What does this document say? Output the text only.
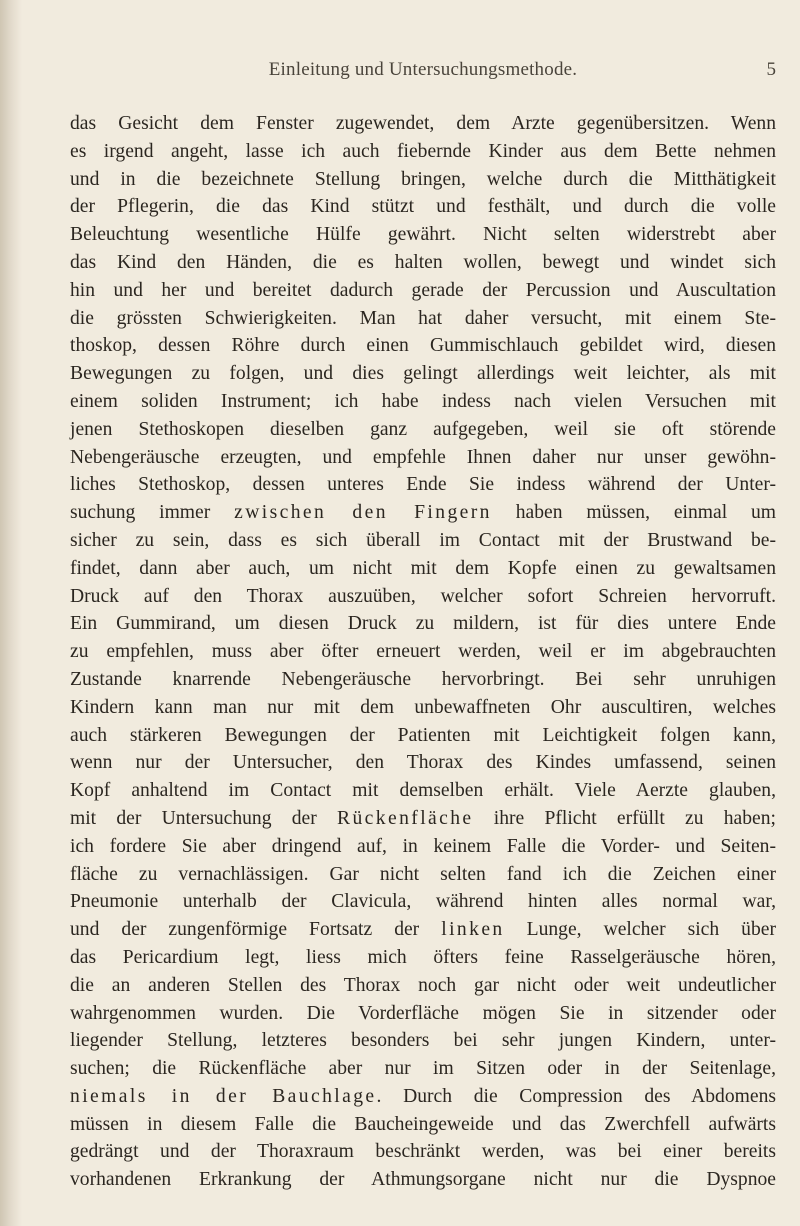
Einleitung und Untersuchungsmethode.	5
das Gesicht dem Fenster zugewendet, dem Arzte gegenübersitzen. Wenn
es irgend angeht, lasse ich auch fiebernde Kinder aus dem Bette nehmen
und in die bezeichnete Stellung bringen, welche durch die Mitthätigkeit
der Pflegerin, die das Kind stützt und festhält, und durch die volle
Beleuchtung wesentliche Hülfe gewährt. Nicht selten widerstrebt aber
das Kind den Händen, die es halten wollen, bewegt und windet sich
hin und her und bereitet dadurch gerade der Percussion und Auscultation
die grössten Schwierigkeiten. Man hat daher versucht, mit einem Ste-
thoskop, dessen Röhre durch einen Gummischlauch gebildet wird, diesen
Bewegungen zu folgen, und dies gelingt allerdings weit leichter, als mit
einem soliden Instrument; ich habe indess nach vielen Versuchen mit
jenen Stethoskopen dieselben ganz aufgegeben, weil sie oft störende
Nebengeräusche erzeugten, und empfehle Ihnen daher nur unser gewöhn-
liches Stethoskop, dessen unteres Ende Sie indess während der Unter-
suchung immer zwischen den Fingern haben müssen, einmal um
sicher zu sein, dass es sich überall im Contact mit der Brustwand be-
findet, dann aber auch, um nicht mit dem Kopfe einen zu gewaltsamen
Druck auf den Thorax auszuüben, welcher sofort Schreien hervorruft.
Ein Gummirand, um diesen Druck zu mildern, ist für dies untere Ende
zu empfehlen, muss aber öfter erneuert werden, weil er im abgebrauchten
Zustande knarrende Nebengeräusche hervorbringt. Bei sehr unruhigen
Kindern kann man nur mit dem unbewaffneten Ohr auscultiren, welches
auch stärkeren Bewegungen der Patienten mit Leichtigkeit folgen kann,
wenn nur der Untersucher, den Thorax des Kindes umfassend, seinen
Kopf anhaltend im Contact mit demselben erhält. Viele Aerzte glauben,
mit der Untersuchung der Rückenfläche ihre Pflicht erfüllt zu haben;
ich fordere Sie aber dringend auf, in keinem Falle die Vorder- und Seiten-
fläche zu vernachlässigen. Gar nicht selten fand ich die Zeichen einer
Pneumonie unterhalb der Clavicula, während hinten alles normal war,
und der zungenförmige Fortsatz der linken Lunge, welcher sich über
das Pericardium legt, liess mich öfters feine Rasselgeräusche hören,
die an anderen Stellen des Thorax noch gar nicht oder weit undeutlicher
wahrgenommen wurden. Die Vorderfläche mögen Sie in sitzender oder
liegender Stellung, letzteres besonders bei sehr jungen Kindern, unter-
suchen; die Rückenfläche aber nur im Sitzen oder in der Seitenlage,
niemals in der Bauchlage. Durch die Compression des Abdomens
müssen in diesem Falle die Baucheingeweide und das Zwerchfell aufwärts
gedrängt und der Thoraxraum beschränkt werden, was bei einer bereits
vorhandenen Erkrankung der Athmungsorgane nicht nur die Dyspnoe
